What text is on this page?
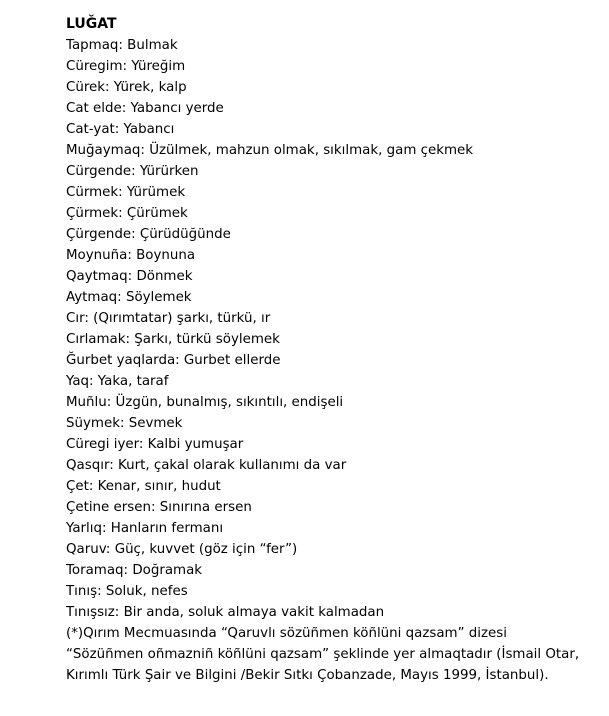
LUĞAT
Tapmaq: Bulmak
Cüregim: Yüreğim
Cürek: Yürek, kalp
Cat elde: Yabancı yerde
Cat-yat: Yabancı
Muğaymaq: Üzülmek, mahzun olmak, sıkılmak, gam çekmek
Cürgende: Yürürken
Cürmek: Yürümek
Çürmek: Çürümek
Çürgende: Çürüdüğünde
Moynuña: Boynuna
Qaytmaq: Dönmek
Aytmaq: Söylemek
Cır: (Qırımtatar) şarkı, türkü, ır
Cırlamak: Şarkı, türkü söylemek
Ğurbet yaqlarda: Gurbet ellerde
Yaq: Yaka, taraf
Muñlu: Üzgün, bunalmış, sıkıntılı, endişeli
Süymek: Sevmek
Cüregi iyer: Kalbi yumuşar
Qasqır: Kurt, çakal olarak kullanımı da var
Çet: Kenar, sınır, hudut
Çetine ersen: Sınırına ersen
Yarlıq: Hanların fermanı
Qaruv: Güç, kuvvet (göz için “fer”)
Toramaq: Doğramak
Tınış: Soluk, nefes
Tınışsız: Bir anda, soluk almaya vakit kalmadan
(*)Qırım Mecmuasında “Qaruvlı sözüñmen köñlüni qazsam” dizesi
“Sözüñmen oñmazniñ köñlüni qazsam” şeklinde yer almaqtadır (İsmail Otar,
Kırımlı Türk Şair ve Bilgini /Bekir Sıtkı Çobanzade, Mayıs 1999, İstanbul).
